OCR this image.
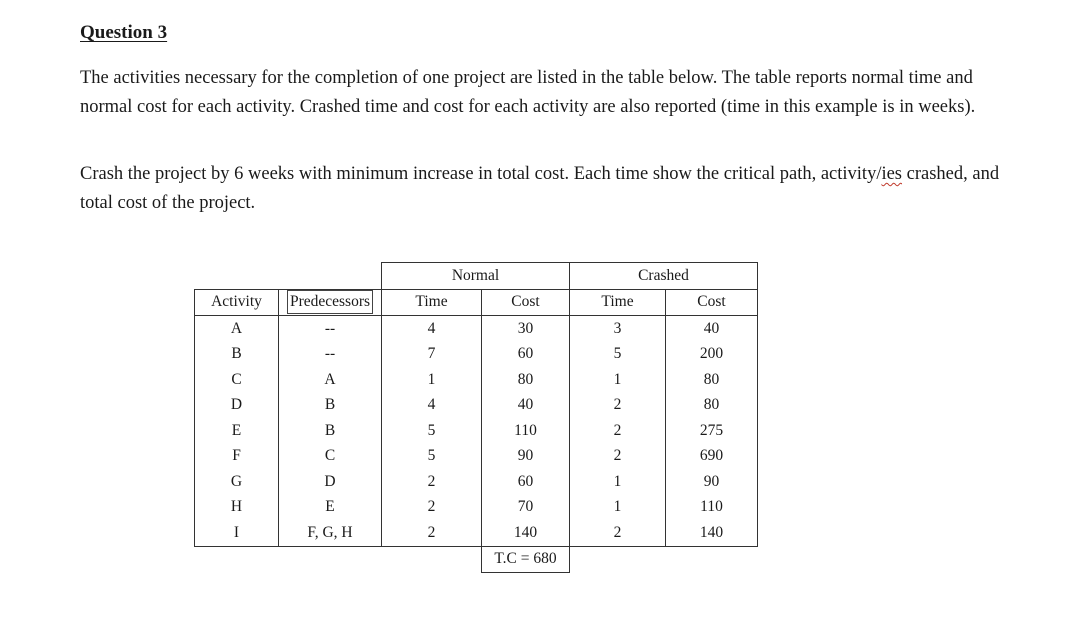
Question 3
The activities necessary for the completion of one project are listed in the table below. The table reports normal time and normal cost for each activity. Crashed time and cost for each activity are also reported (time in this example is in weeks).
Crash the project by 6 weeks with minimum increase in total cost. Each time show the critical path, activity/ies crashed, and total cost of the project.
		Normal		Crashed	
Activity	Predecessors	Time	Cost	Time	Cost
A	--	4	30	3	40
B	--	7	60	5	200
C	A	1	80	1	80
D	B	4	40	2	80
E	B	5	110	2	275
F	C	5	90	2	690
G	D	2	60	1	90
H	E	2	70	1	110
I	F, G, H	2	140	2	140
			T.C = 680		
